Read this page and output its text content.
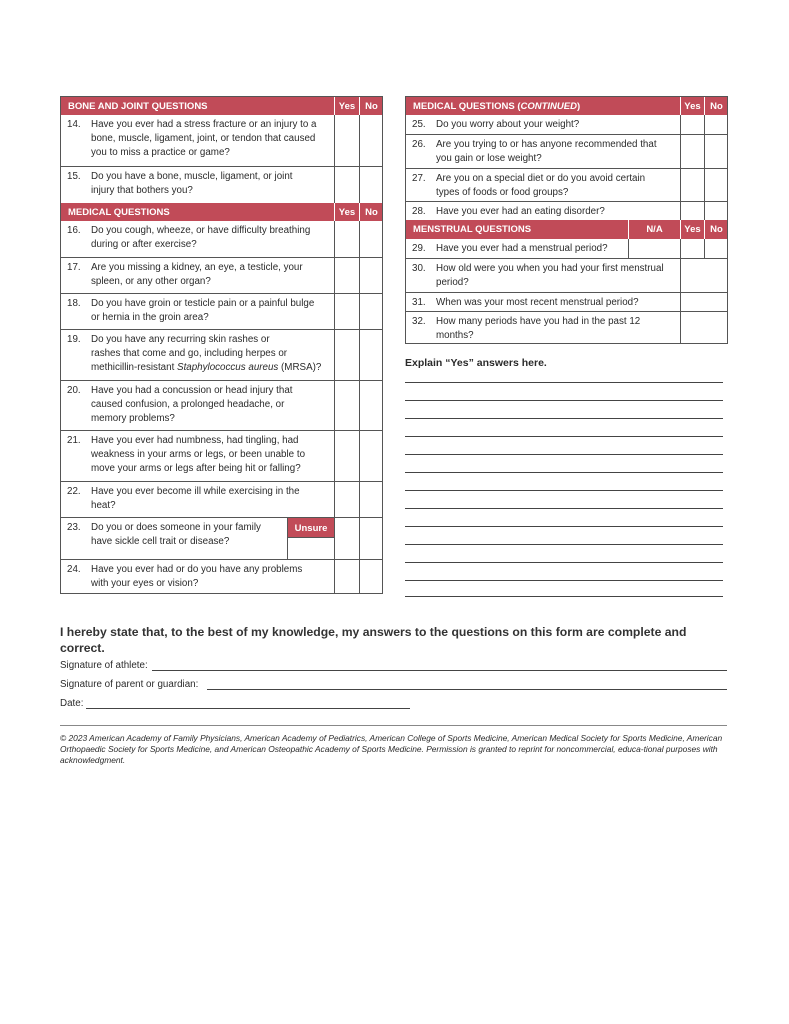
BONE AND JOINT QUESTIONS	Yes	No
14.	Have you ever had a stress fracture or an injury to a
bone, muscle, ligament, joint, or tendon that caused
you to miss a practice or game?
15.	Do you have a bone, muscle, ligament, or joint
injury that bothers you?
MEDICAL QUESTIONS	Yes	No
16.	Do you cough, wheeze, or have difficulty breathing
during or after exercise?
17.	Are you missing a kidney, an eye, a testicle, your
spleen, or any other organ?
18.	Do you have groin or testicle pain or a painful bulge
or hernia in the groin area?
19.	Do you have any recurring skin rashes or
rashes that come and go, including herpes or
methicillin-resistant Staphylococcus aureus (MRSA)?
20.	Have you had a concussion or head injury that
caused confusion, a prolonged headache, or
memory problems?
21.	Have you ever had numbness, had tingling, had
weakness in your arms or legs, or been unable to
move your arms or legs after being hit or falling?
22.	Have you ever become ill while exercising in the
heat?
23.	Do you or does someone in your family
have sickle cell trait or disease?
Unsure
24.	Have you ever had or do you have any problems
with your eyes or vision?
MEDICAL QUESTIONS (CONTINUED)	Yes No
25.	Do you worry about your weight?
26.	Are you trying to or has anyone recommended that
you gain or lose weight?
27.	Are you on a special diet or do you avoid certain
types of foods or food groups?
28.	Have you ever had an eating disorder?
MENSTRUAL QUESTIONS	N/A	Yes No
29.	Have you ever had a menstrual period?
30.	How old were you when you had your first menstrual
period?
31.	When was your most recent menstrual period?
32.	How many periods have you had in the past 12
months?
Explain “Yes” answers here.
I hereby state that, to the best of my knowledge, my answers to the questions on this form are complete and correct.
Signature of athlete:
Signature of parent or guardian:
Date:
© 2023 American Academy of Family Physicians, American Academy of Pediatrics, American College of Sports Medicine, American Medical Society for Sports Medicine, American Orthopaedic Society for Sports Medicine, and American Osteopathic Academy of Sports Medicine. Permission is granted to reprint for noncommercial, educa-tional purposes with acknowledgment.
